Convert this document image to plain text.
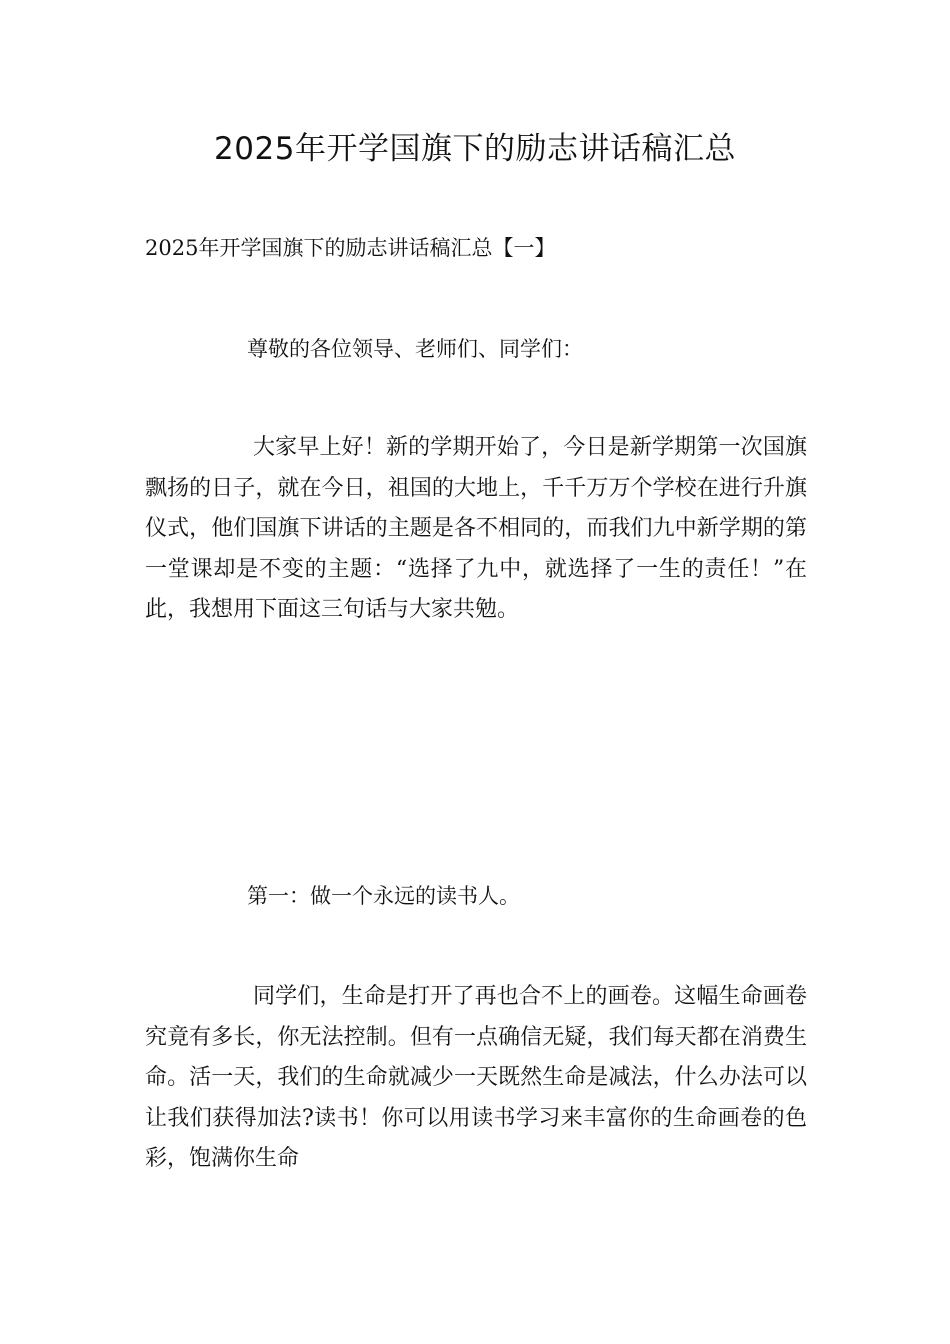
2025年开学国旗下的励志讲话稿汇总
2025年开学国旗下的励志讲话稿汇总【一】
尊敬的各位领导、老师们、同学们：
大家早上好！新的学期开始了，今日是新学期第一次国旗飘扬的日子，就在今日，祖国的大地上，千千万万个学校在进行升旗仪式，他们国旗下讲话的主题是各不相同的，而我们九中新学期的第一堂课却是不变的主题：“选择了九中，就选择了一生的责任！”在此，我想用下面这三句话与大家共勉。
第一：做一个永远的读书人。
同学们，生命是打开了再也合不上的画卷。这幅生命画卷究竟有多长，你无法控制。但有一点确信无疑，我们每天都在消费生命。活一天，我们的生命就减少一天既然生命是减法，什么办法可以让我们获得加法?读书！你可以用读书学习来丰富你的生命画卷的色彩，饱满你生命
